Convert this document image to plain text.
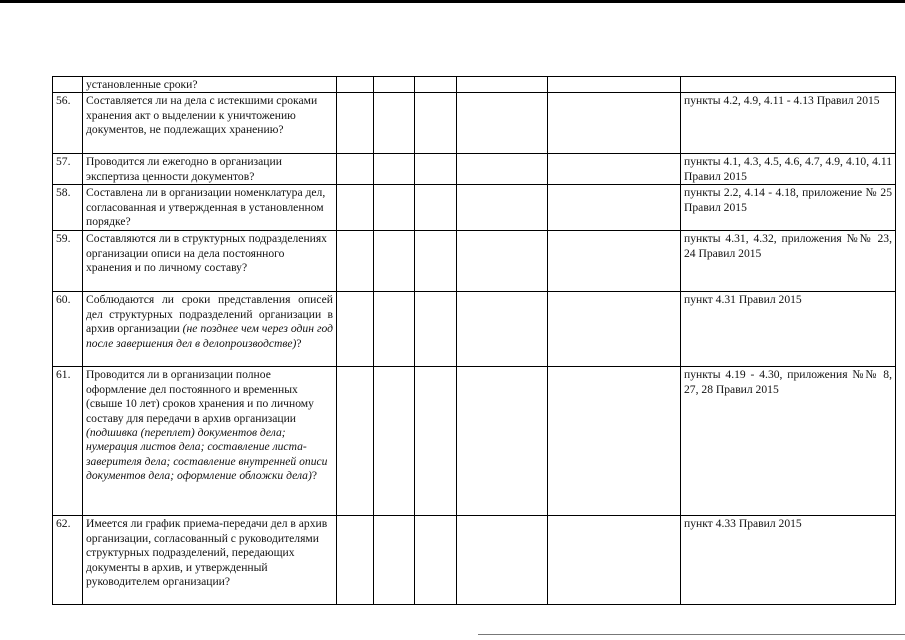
	установленные сроки?						
56.	Составляется ли на дела с истекшими сроками хранения акт о выделении к уничтожению документов, не подлежащих хранению?						пункты 4.2, 4.9, 4.11 - 4.13 Правил 2015
57.	Проводится ли ежегодно в организации экспертиза ценности документов?						пункты 4.1, 4.3, 4.5, 4.6, 4.7, 4.9, 4.10, 4.11 Правил 2015
58.	Составлена ли в организации номенклатура дел, согласованная и утвержденная в установленном порядке?						пункты 2.2, 4.14 - 4.18, приложение № 25 Правил 2015
59.	Составляются ли в структурных подразделениях организации описи на дела постоянного хранения и по личному составу?						пункты 4.31, 4.32, приложения №№ 23, 24 Правил 2015
60.	Соблюдаются ли сроки представления описей дел структурных подразделений организации в архив организации (не позднее чем через один год после завершения дел в делопроизводстве)?						пункт 4.31 Правил 2015
61.	Проводится ли в организации полное оформление дел постоянного и временных (свыше 10 лет) сроков хранения и по личному составу для передачи в архив организации (подшивка (переплет) документов дела; нумерация листов дела; составление листа-заверителя дела; составление внутренней описи документов дела; оформление обложки дела)?						пункты 4.19 - 4.30, приложения №№ 8, 27, 28 Правил 2015
62.	Имеется ли график приема-передачи дел в архив организации, согласованный с руководителями структурных подразделений, передающих документы в архив, и утвержденный руководителем организации?						пункт 4.33 Правил 2015
